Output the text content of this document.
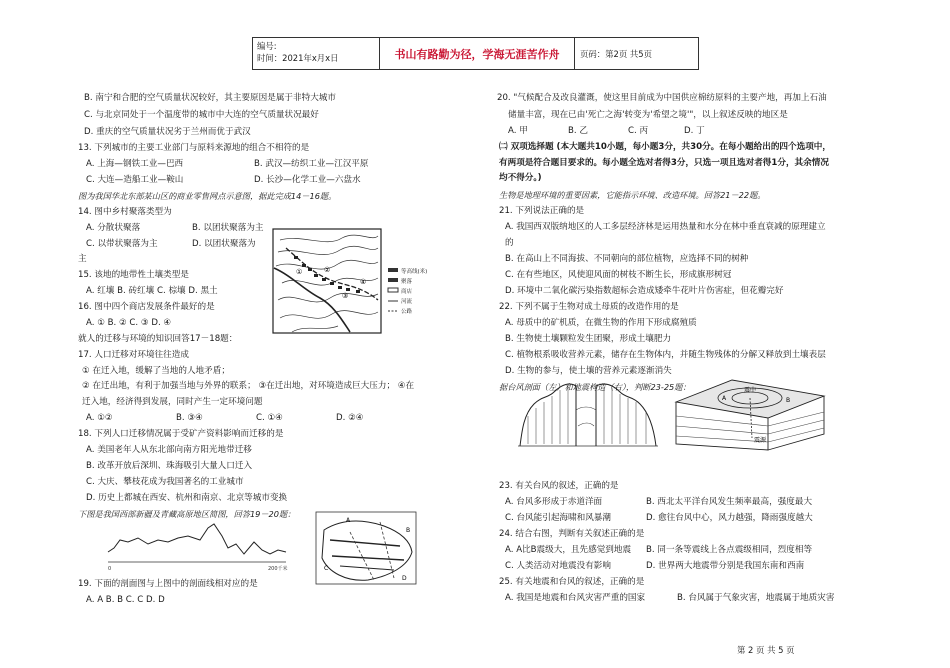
编号:
时间：2021年x月x日	书山有路勤为径，学海无涯苦作舟	页码：第2页 共5页
B. 南宁和合肥的空气质量状况较好，其主要原因是属于非特大城市
C. 与北京同处于一个温度带的城市中大连的空气质量状况最好
D. 重庆的空气质量状况劣于兰州而优于武汉
13. 下列城市的主要工业部门与原料来源地的组合不相符的是
A. 上海—钢铁工业—巴西	B. 武汉—纺织工业—江汉平原
C. 大连—造船工业—鞍山	D. 长沙—化学工业—六盘水
图为我国华北东部某山区的商业零售网点示意图，据此完成14－16题。
14. 图中乡村聚落类型为
A. 分散状聚落	B. 以团状聚落为主
C. 以带状聚落为主	D. 以团状聚落为
主
15. 该地的地带性土壤类型是
A. 红壤 B. 砖红壤 C. 棕壤 D. 黑土
16. 图中四个商店发展条件最好的是
A. ① B. ② C. ③ D. ④
就人的迁移与环境的知识回答17－18题：
17. 人口迁移对环境往往造成
① 在迁入地，缓解了当地的人地矛盾；
② 在迁出地，有利于加强当地与外界的联系； ③在迁出地，对环境造成巨大压力； ④在
迁入地，经济得到发展，同时产生一定环境问题
A. ①②	B. ③④	C. ①④	D. ②④
18. 下列人口迁移情况属于受矿产资料影响而迁移的是
A. 美国老年人从东北部向南方阳光地带迁移
B. 改革开放后深圳、珠海吸引大量人口迁入
C. 大庆、攀枝花成为我国著名的工业城市
D. 历史上都城在西安、杭州和南京、北京等城市变换
下图是我国西部新疆及青藏高原地区简图，回答19－20题：
19. 下面的剖面图与上图中的剖面线相对应的是
A. A B. B C. C D. D
①	②
③
④
等高线(米)
聚落
商店
河流
公路
0	200千米
A
B
C
D
20. "气候配合及改良灌溉，使这里目前成为中国供应棉纺原料的主要产地，再加上石油
储量丰富，现在已由'死亡之海'转变为'希望之境'"，以上叙述反映的地区是
A. 甲	B. 乙	C. 丙	D. 丁
㈡ 双项选择题 (本大题共10小题，每小题3分，共30分。在每小题给出的四个选项中，
有两项是符合题目要求的。每小题全选对者得3分，只选一项且选对者得1分，其余情况
均不得分。)
生物是地理环境的重要因素，它能指示环境、改造环境。回答21－22题。
21. 下列说法正确的是
A. 我国西双版纳地区的人工多层经济林是运用热量和水分在林中垂直衰减的原理建立
的
B. 在高山上不同海拔、不同朝向的部位植物，应选择不同的树种
C. 在有些地区，风使迎风面的树枝不断生长，形成旗形树冠
D. 环境中二氧化碳污染指数超标会造成矮牵牛花叶片伤害症，但花瓣完好
22. 下列不属于生物对成土母质的改造作用的是
A. 母质中的矿机质，在微生物的作用下形成腐殖质
B. 生物使土壤颗粒发生团聚，形成土壤肥力
C. 植物根系吸收营养元素，储存在生物体内，并随生物残体的分解又释放到土壤表层
D. 生物的参与，使土壤的营养元素逐渐消失
据台风剖面（左）和地震构造（右），判断23-25题：	震中
A	B
震源
23. 有关台风的叙述，正确的是
A. 台风多形成于赤道洋面	B. 西北太平洋台风发生频率最高，强度最大
C. 台风能引起海啸和风暴潮	D. 愈往台风中心，风力越强，降雨强度越大
24. 结合右图，判断有关叙述正确的是
A. A比B震级大，且先感觉到地震 B. 同一条等震线上各点震级相同，烈度相等
C. 人类活动对地震没有影响	D. 世界两大地震带分别是我国东南和西南
25. 有关地震和台风的叙述，正确的是
A. 我国是地震和台风灾害严重的国家	B. 台风属于气象灾害，地震属于地质灾害
第 2 页 共 5 页
